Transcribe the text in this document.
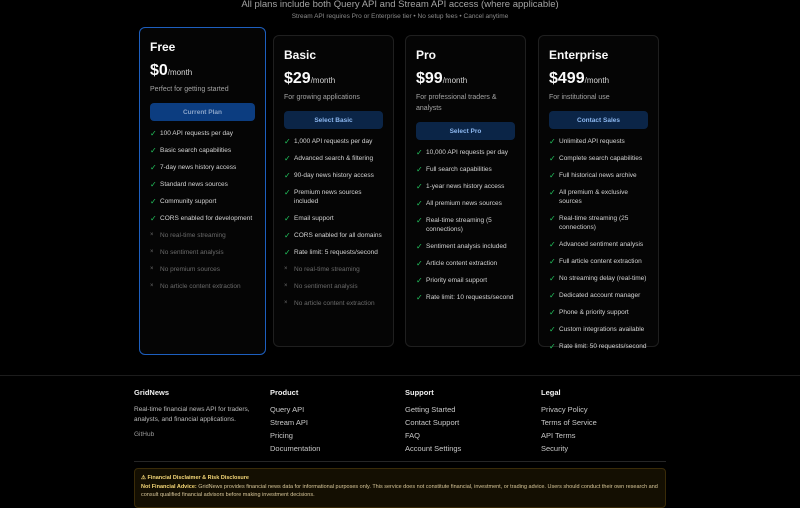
All plans include both Query API and Stream API access (where applicable)
Stream API requires Pro or Enterprise tier • No setup fees • Cancel anytime
Free
$0/month
Perfect for getting started
Current Plan
✓ 100 API requests per day
✓ Basic search capabilities
✓ 7-day news history access
✓ Standard news sources
✓ Community support
✓ CORS enabled for development
× No real-time streaming
× No sentiment analysis
× No premium sources
× No article content extraction
Basic
$29/month
For growing applications
Select Basic
✓ 1,000 API requests per day
✓ Advanced search & filtering
✓ 90-day news history access
✓ Premium news sources included
✓ Email support
✓ CORS enabled for all domains
✓ Rate limit: 5 requests/second
× No real-time streaming
× No sentiment analysis
× No article content extraction
Pro
$99/month
For professional traders & analysts
Select Pro
✓ 10,000 API requests per day
✓ Full search capabilities
✓ 1-year news history access
✓ All premium news sources
✓ Real-time streaming (5 connections)
✓ Sentiment analysis included
✓ Article content extraction
✓ Priority email support
✓ Rate limit: 10 requests/second
Enterprise
$499/month
For institutional use
Contact Sales
✓ Unlimited API requests
✓ Complete search capabilities
✓ Full historical news archive
✓ All premium & exclusive sources
✓ Real-time streaming (25 connections)
✓ Advanced sentiment analysis
✓ Full article content extraction
✓ No streaming delay (real-time)
✓ Dedicated account manager
✓ Phone & priority support
✓ Custom integrations available
✓ Rate limit: 50 requests/second
GridNews

Real-time financial news API for traders, analysts, and financial applications.

GitHub
Product
Query API
Stream API
Pricing
Documentation
Support
Getting Started
Contact Support
FAQ
Account Settings
Legal
Privacy Policy
Terms of Service
API Terms
Security
⚠ Financial Disclaimer & Risk Disclosure
Not Financial Advice: GridNews provides financial news data for informational purposes only. This service does not constitute financial, investment, or trading advice. Users should conduct their own research and consult qualified financial advisors before making investment decisions.
